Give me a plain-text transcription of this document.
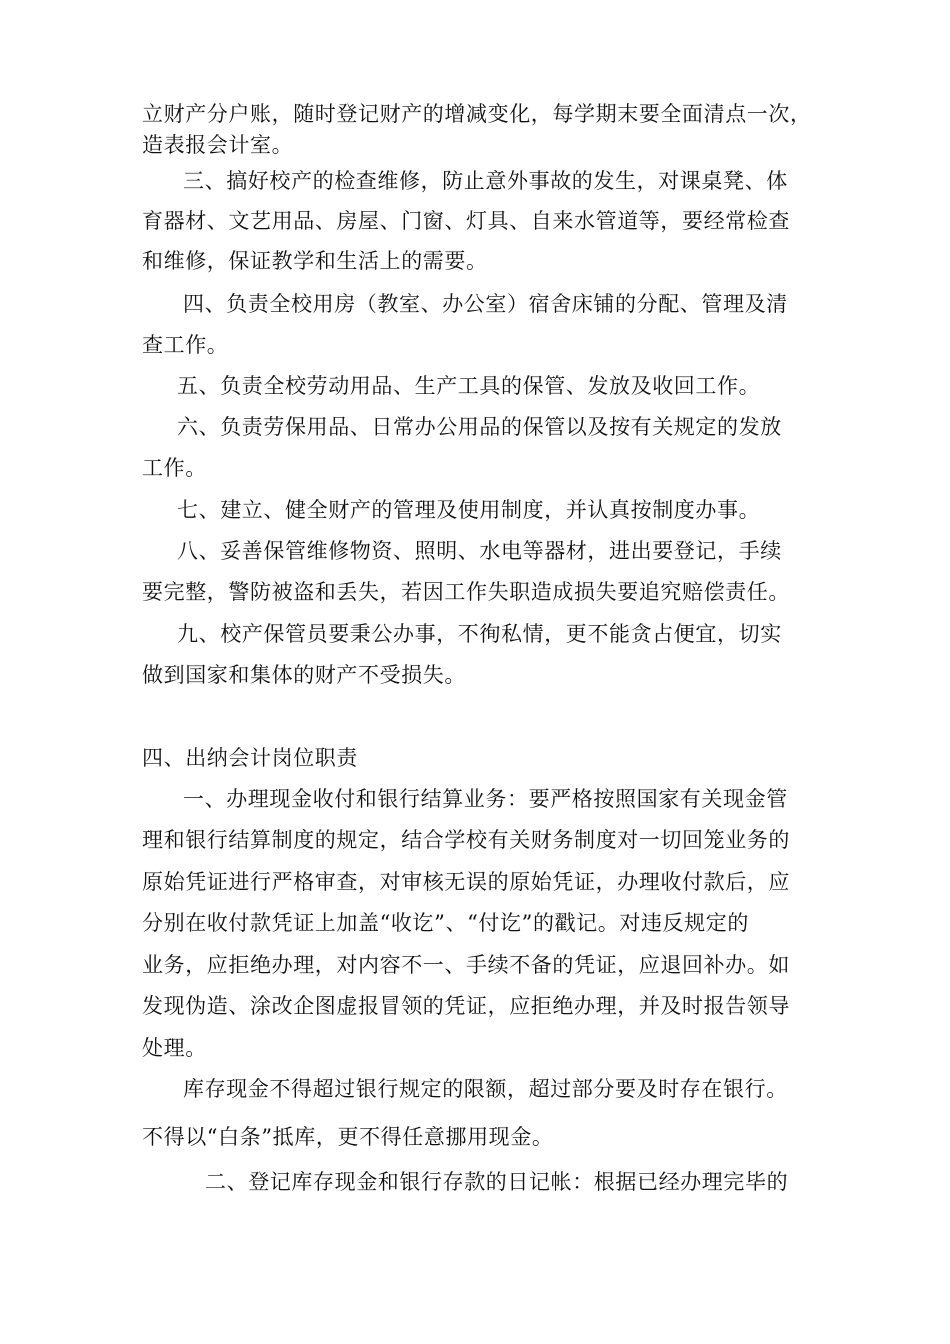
立财产分户账，随时登记财产的增减变化，每学期末要全面清点一次，
造表报会计室。
三、搞好校产的检查维修，防止意外事故的发生，对课桌凳、体
育器材、文艺用品、房屋、门窗、灯具、自来水管道等，要经常检查
和维修，保证教学和生活上的需要。
四、负责全校用房（教室、办公室）宿舍床铺的分配、管理及清
查工作。
五、负责全校劳动用品、生产工具的保管、发放及收回工作。
六、负责劳保用品、日常办公用品的保管以及按有关规定的发放
工作。
七、建立、健全财产的管理及使用制度，并认真按制度办事。
八、妥善保管维修物资、照明、水电等器材，进出要登记，手续
要完整，警防被盗和丢失，若因工作失职造成损失要追究赔偿责任。
九、校产保管员要秉公办事，不徇私情，更不能贪占便宜，切实
做到国家和集体的财产不受损失。
四、出纳会计岗位职责
一、办理现金收付和银行结算业务：要严格按照国家有关现金管
理和银行结算制度的规定，结合学校有关财务制度对一切回笼业务的
原始凭证进行严格审查，对审核无误的原始凭证，办理收付款后，应
分别在收付款凭证上加盖“收讫”、“付讫”的戳记。对违反规定的
业务，应拒绝办理，对内容不一、手续不备的凭证，应退回补办。如
发现伪造、涂改企图虚报冒领的凭证，应拒绝办理，并及时报告领导
处理。
库存现金不得超过银行规定的限额，超过部分要及时存在银行。
不得以“白条”抵库，更不得任意挪用现金。
二、登记库存现金和银行存款的日记帐：根据已经办理完毕的
